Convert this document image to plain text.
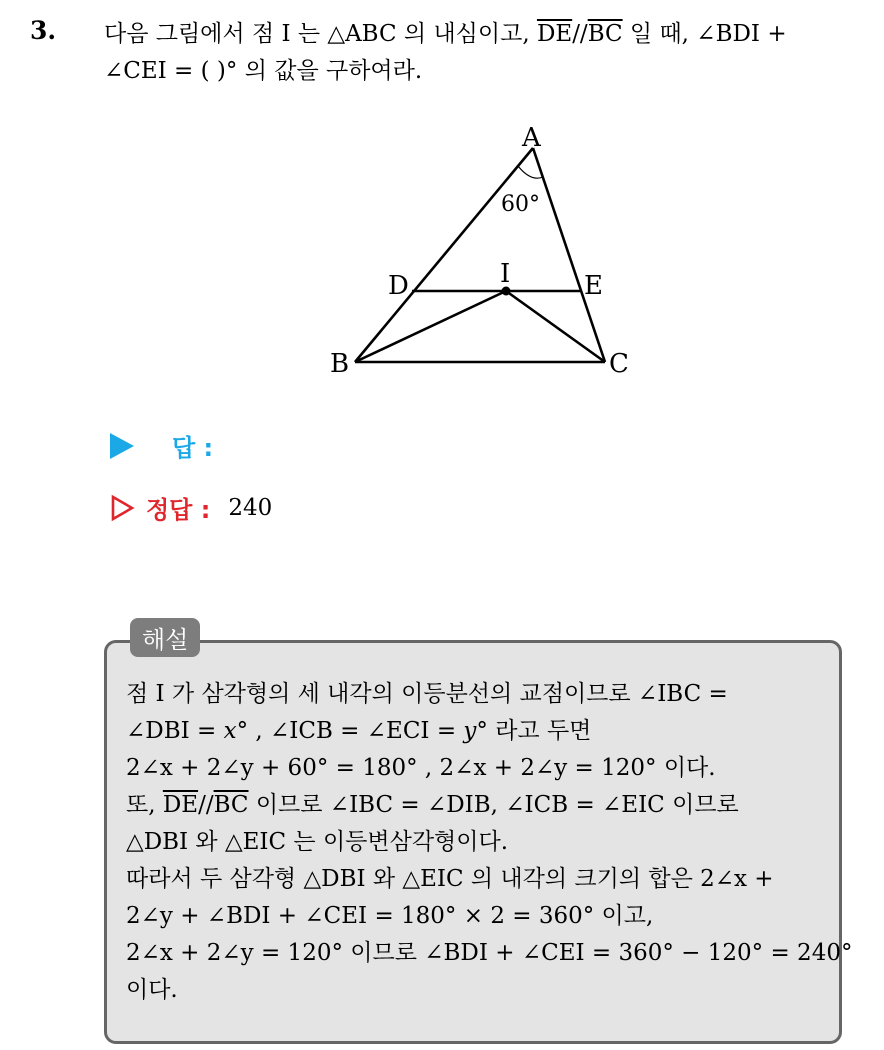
3. 다음 그림에서 점 I 는 △ABC 의 내심이고, $\overline{DE}//\overline{BC}$ 일 때, ∠BDI +
∠CEI = ( )° 의 값을 구하여라.
A
B	C
D	E
I
60°
답 :
정답 : 240
해설
점 I 가 삼각형의 세 내각의 이등분선의 교점이므로 ∠IBC =
∠DBI = x° , ∠ICB = ∠ECI = y° 라고 두면
2∠x + 2∠y + 60° = 180° , 2∠x + 2∠y = 120° 이다.
또, $\overline{DE}//\overline{BC}$ 이므로 ∠IBC = ∠DIB, ∠ICB = ∠EIC 이므로
△DBI 와 △EIC 는 이등변삼각형이다.
따라서 두 삼각형 △DBI 와 △EIC 의 내각의 크기의 합은 2∠x +
2∠y + ∠BDI + ∠CEI = 180° × 2 = 360° 이고,
2∠x + 2∠y = 120° 이므로 ∠BDI + ∠CEI = 360° − 120° = 240°
이다.
